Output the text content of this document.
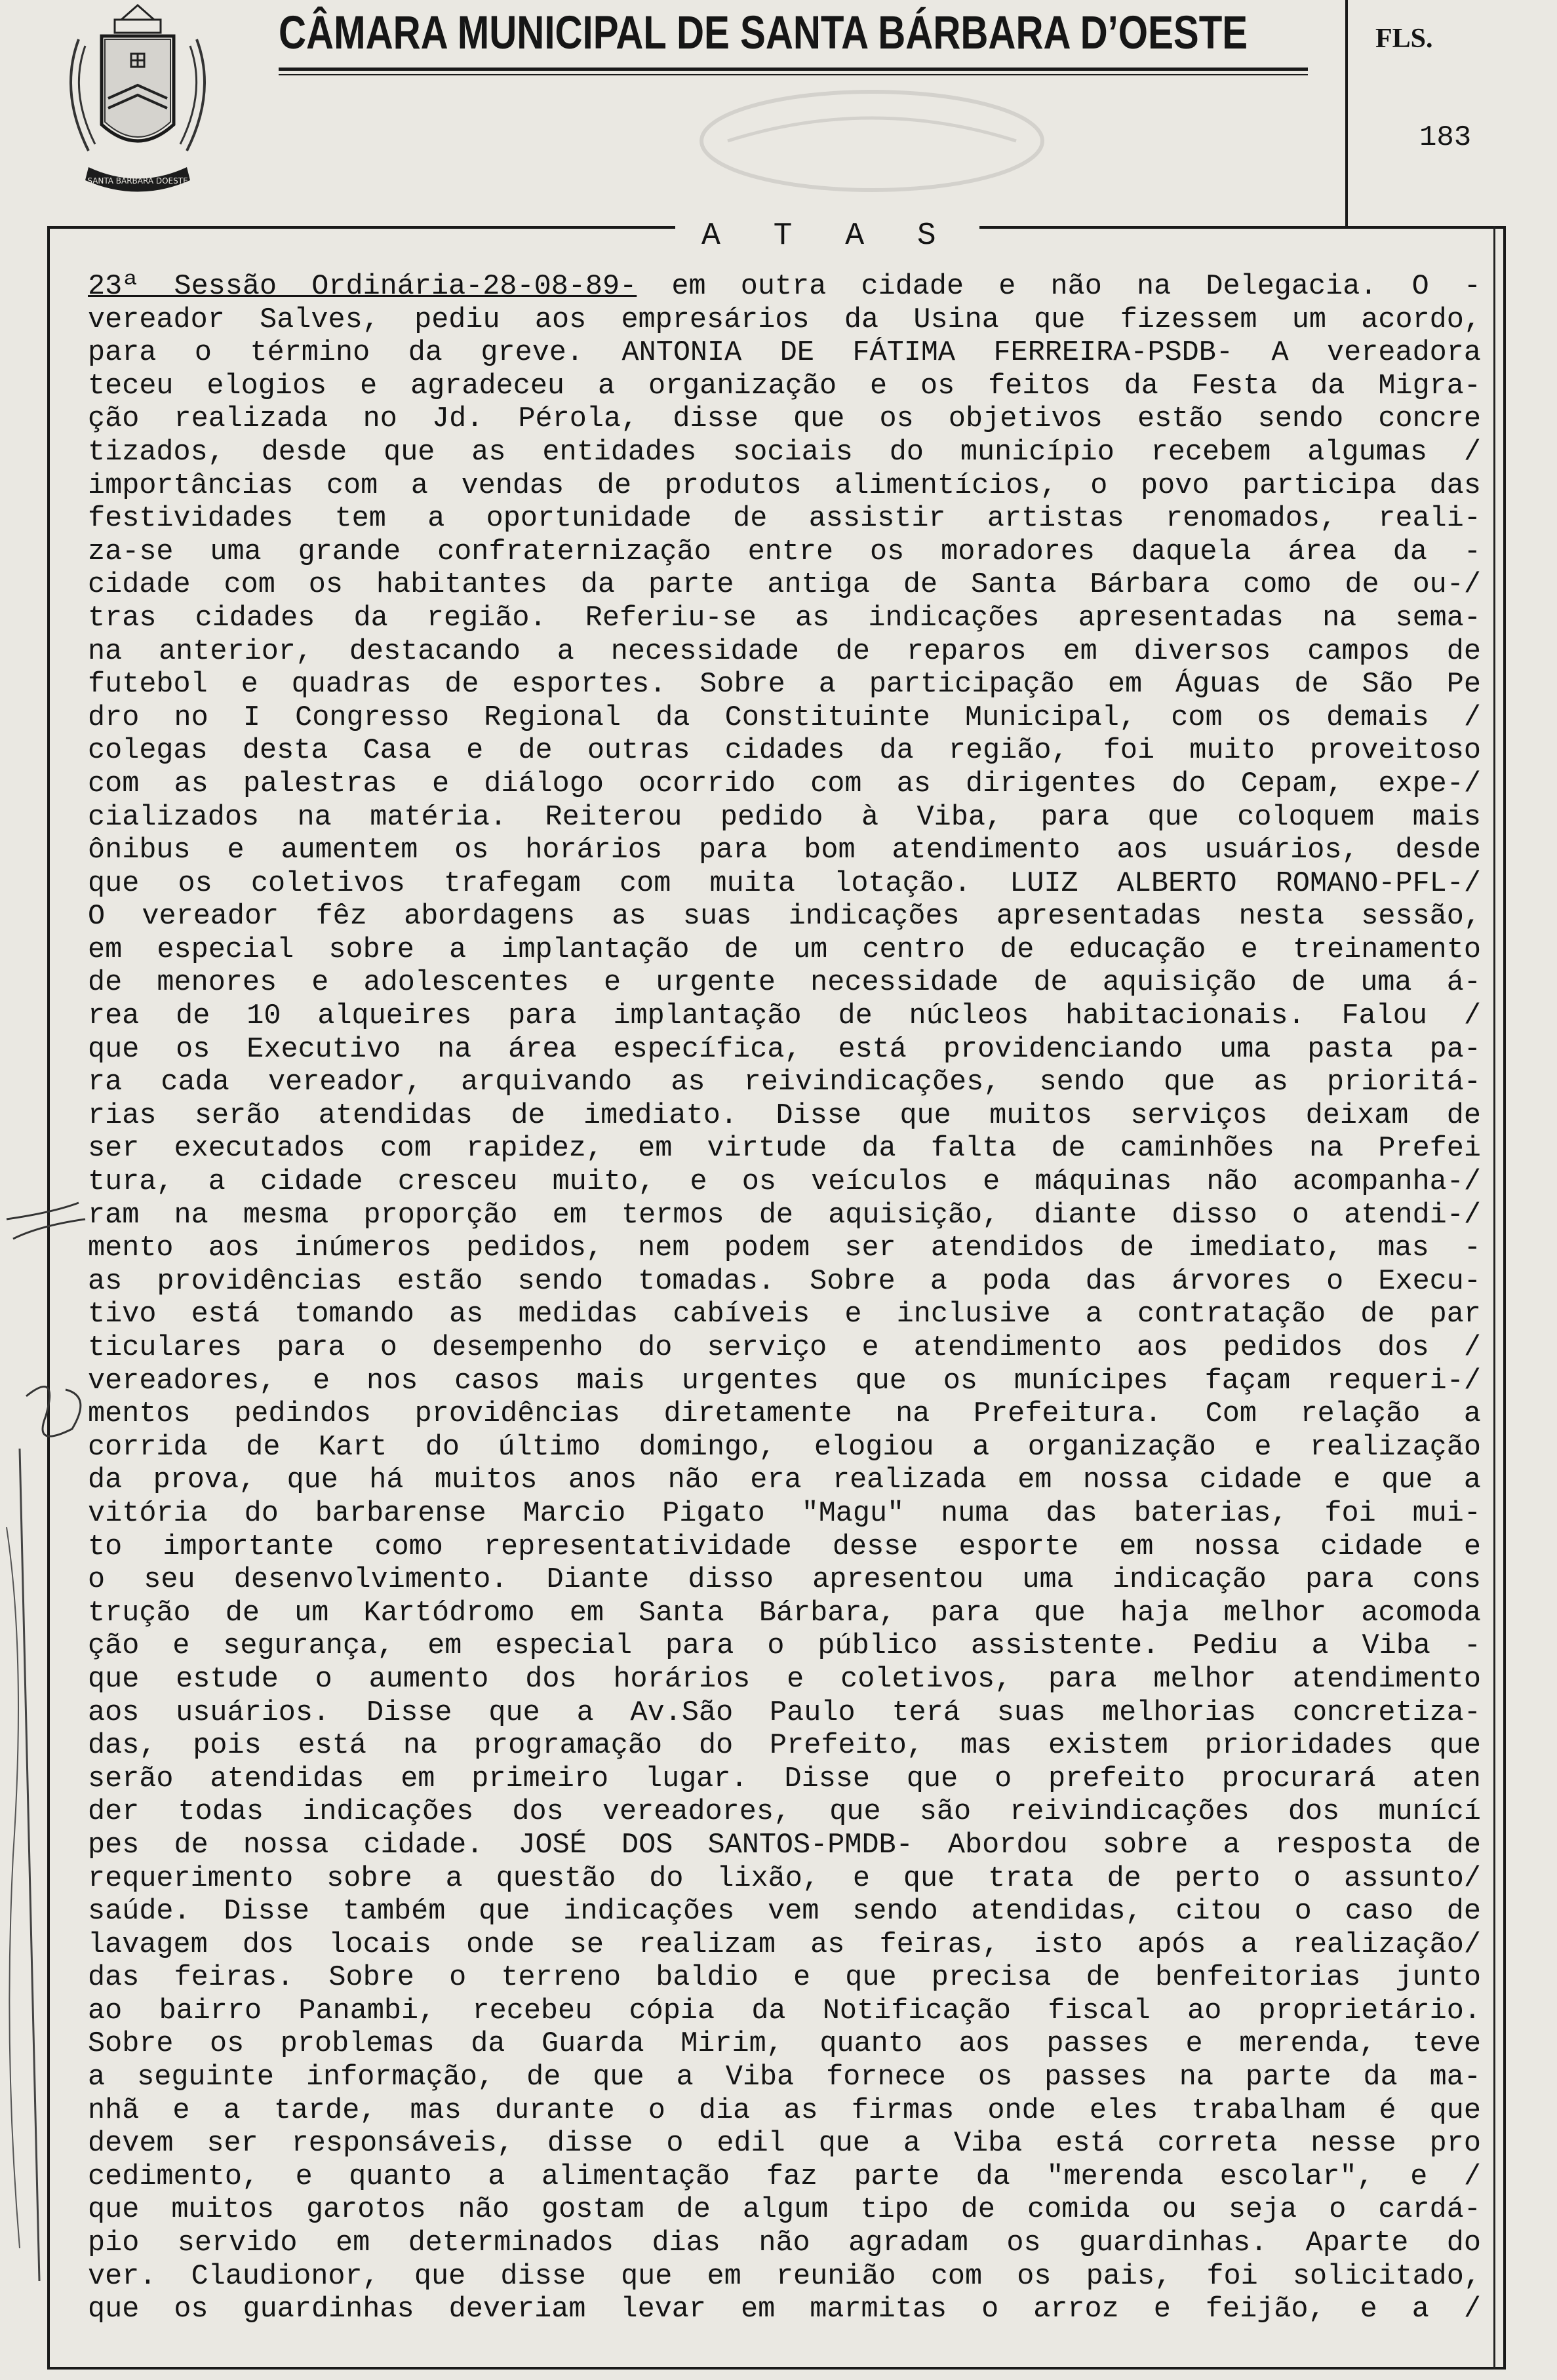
SANTA BARBARA DOESTE
CÂMARA MUNICIPAL DE SANTA BÁRBARA D’OESTE	FLS.
183
A T A S
23ª Sessão Ordinária-28-08-89- em outra cidade e não na Delegacia. O -
vereador Salves, pediu aos empresários da Usina que fizessem um acordo,
para o término da greve. ANTONIA DE FÁTIMA FERREIRA-PSDB- A vereadora
teceu elogios e agradeceu a organização e os feitos da Festa da Migra-
ção realizada no Jd. Pérola, disse que os objetivos estão sendo concre
tizados, desde que as entidades sociais do município recebem algumas /
importâncias com a vendas de produtos alimentícios, o povo participa das
festividades tem a oportunidade de assistir artistas renomados, reali-
za-se uma grande confraternização entre os moradores daquela área da -
cidade com os habitantes da parte antiga de Santa Bárbara como de ou-/
tras cidades da região. Referiu-se as indicações apresentadas na sema-
na anterior, destacando a necessidade de reparos em diversos campos de
futebol e quadras de esportes. Sobre a participação em Águas de São Pe
dro no I Congresso Regional da Constituinte Municipal, com os demais /
colegas desta Casa e de outras cidades da região, foi muito proveitoso
com as palestras e diálogo ocorrido com as dirigentes do Cepam, expe-/
cializados na matéria. Reiterou pedido à Viba, para que coloquem mais
ônibus e aumentem os horários para bom atendimento aos usuários, desde
que os coletivos trafegam com muita lotação. LUIZ ALBERTO ROMANO-PFL-/
O vereador fêz abordagens as suas indicações apresentadas nesta sessão,
em especial sobre a implantação de um centro de educação e treinamento
de menores e adolescentes e urgente necessidade de aquisição de uma á-
rea de 10 alqueires para implantação de núcleos habitacionais. Falou /
que os Executivo na área específica, está providenciando uma pasta pa-
ra cada vereador, arquivando as reivindicações, sendo que as prioritá-
rias serão atendidas de imediato. Disse que muitos serviços deixam de
ser executados com rapidez, em virtude da falta de caminhões na Prefei
tura, a cidade cresceu muito, e os veículos e máquinas não acompanha-/
ram na mesma proporção em termos de aquisição, diante disso o atendi-/
mento aos inúmeros pedidos, nem podem ser atendidos de imediato, mas -
as providências estão sendo tomadas. Sobre a poda das árvores o Execu-
tivo está tomando as medidas cabíveis e inclusive a contratação de par
ticulares para o desempenho do serviço e atendimento aos pedidos dos /
vereadores, e nos casos mais urgentes que os munícipes façam requeri-/
mentos pedindos providências diretamente na Prefeitura. Com relação a
corrida de Kart do último domingo, elogiou a organização e realização
da prova, que há muitos anos não era realizada em nossa cidade e que a
vitória do barbarense Marcio Pigato "Magu" numa das baterias, foi mui-
to importante como representatividade desse esporte em nossa cidade e
o seu desenvolvimento. Diante disso apresentou uma indicação para cons
trução de um Kartódromo em Santa Bárbara, para que haja melhor acomoda
ção e segurança, em especial para o público assistente. Pediu a Viba -
que estude o aumento dos horários e coletivos, para melhor atendimento
aos usuários. Disse que a Av.São Paulo terá suas melhorias concretiza-
das, pois está na programação do Prefeito, mas existem prioridades que
serão atendidas em primeiro lugar. Disse que o prefeito procurará aten
der todas indicações dos vereadores, que são reivindicações dos munící
pes de nossa cidade. JOSÉ DOS SANTOS-PMDB- Abordou sobre a resposta de
requerimento sobre a questão do lixão, e que trata de perto o assunto/
saúde. Disse também que indicações vem sendo atendidas, citou o caso de
lavagem dos locais onde se realizam as feiras, isto após a realização/
das feiras. Sobre o terreno baldio e que precisa de benfeitorias junto
ao bairro Panambi, recebeu cópia da Notificação fiscal ao proprietário.
Sobre os problemas da Guarda Mirim, quanto aos passes e merenda, teve
a seguinte informação, de que a Viba fornece os passes na parte da ma-
nhã e a tarde, mas durante o dia as firmas onde eles trabalham é que
devem ser responsáveis, disse o edil que a Viba está correta nesse pro
cedimento, e quanto a alimentação faz parte da "merenda escolar", e /
que muitos garotos não gostam de algum tipo de comida ou seja o cardá-
pio servido em determinados dias não agradam os guardinhas. Aparte do
ver. Claudionor, que disse que em reunião com os pais, foi solicitado,
que os guardinhas deveriam levar em marmitas o arroz e feijão, e a /
